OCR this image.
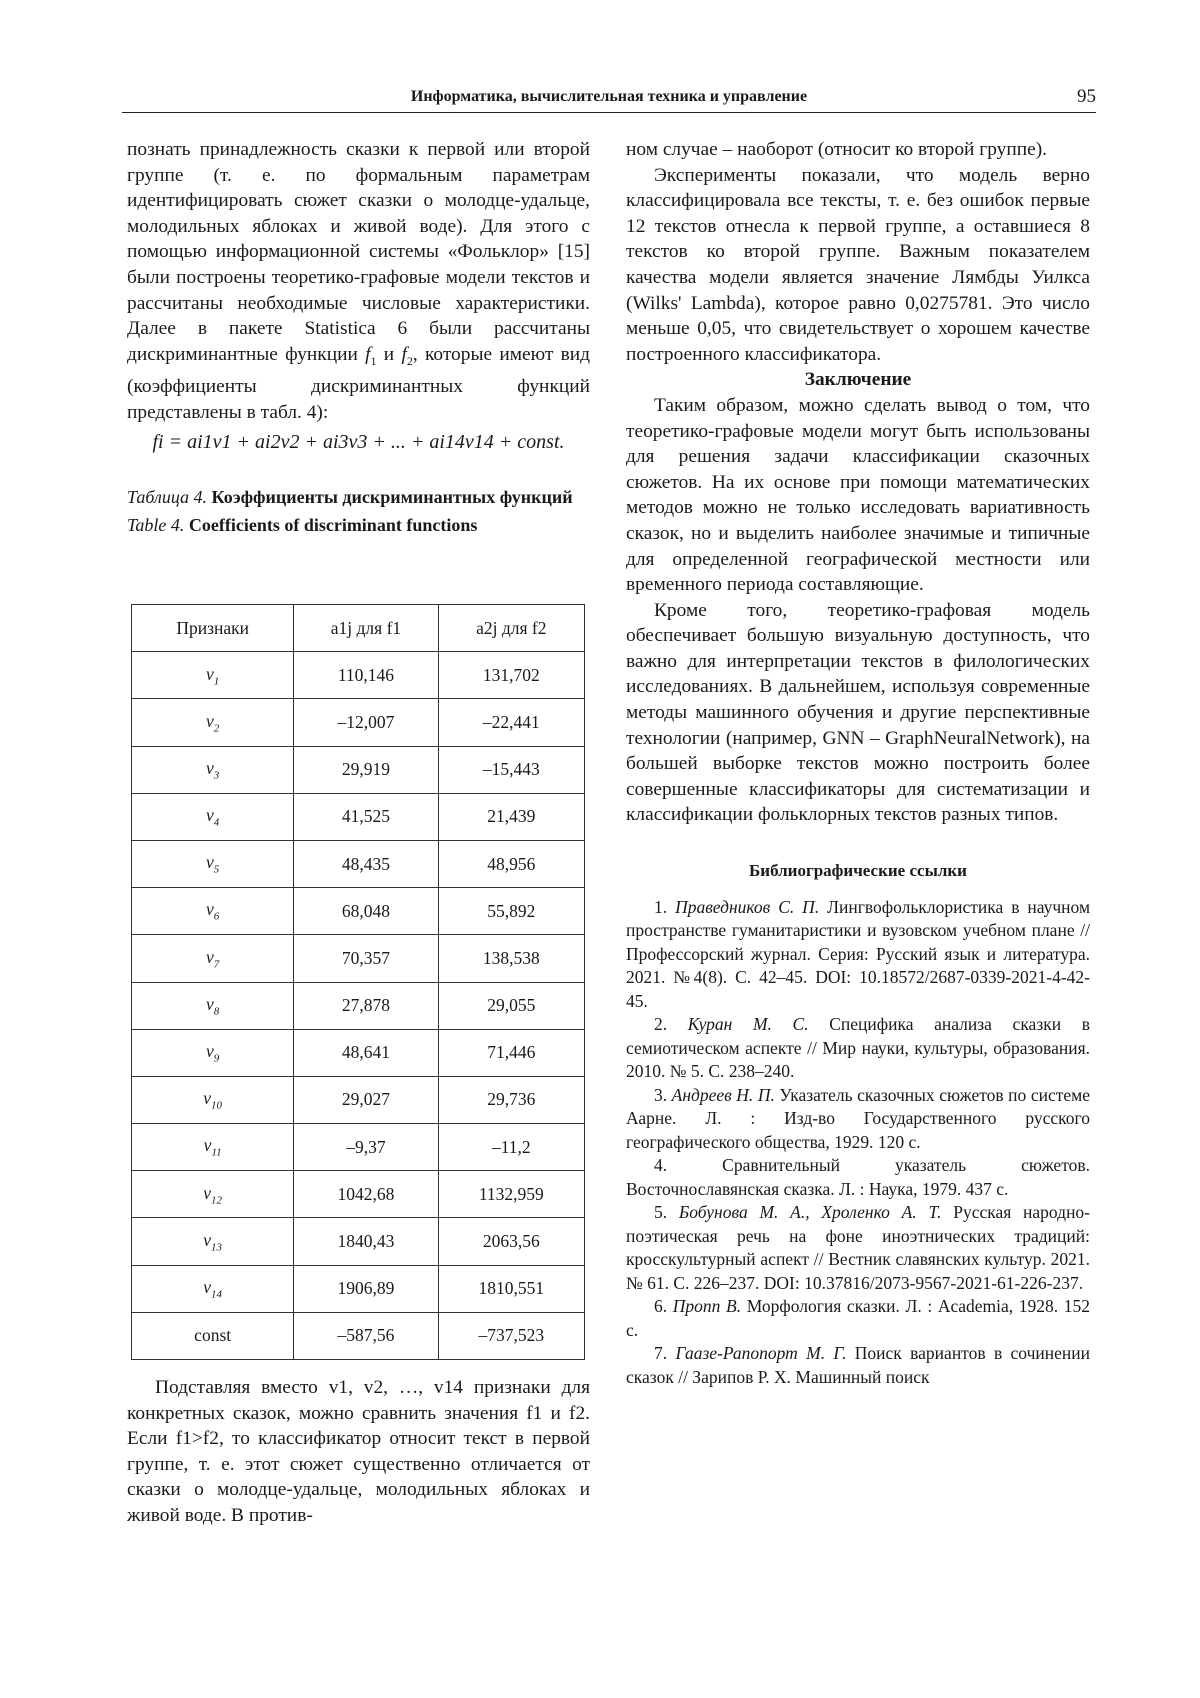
Информатика, вычислительная техника и управление	95

познать принадлежность сказки к первой или второй группе (т. е. по формальным параметрам идентифицировать сюжет сказки о молодце-удальце, молодильных яблоках и живой воде). Для этого с помощью информационной системы «Фольклор» [15] были построены теоретико-графовые модели текстов и рассчитаны необходимые числовые характеристики. Далее в пакете Statistica 6 были рассчитаны дискриминантные функции $f_1$ и $f_2$, которые имеют вид (коэффициенты дискриминантных функций представлены в табл. 4):

fi = ai1v1 + ai2v2 + ai3v3 + ... + ai14v14 + const.

Таблица 4. Коэффициенты дискриминантных функций

Table 4. Coefficients of discriminant functions

Признаки	a1j для f1	a2j для f2
$v_1$	110,146	131,702
$v_2$	–12,007	–22,441
$v_3$	29,919	–15,443
$v_4$	41,525	21,439
$v_5$	48,435	48,956
$v_6$	68,048	55,892
$v_7$	70,357	138,538
$v_8$	27,878	29,055
$v_9$	48,641	71,446
$v_{10}$	29,027	29,736
$v_{11}$	–9,37	–11,2
$v_{12}$	1042,68	1132,959
$v_{13}$	1840,43	2063,56
$v_{14}$	1906,89	1810,551
const	–587,56	–737,523

Подставляя вместо v1, v2, …, v14 признаки для конкретных сказок, можно сравнить значения f1 и f2. Если f1>f2, то классификатор относит текст в первой группе, т. е. этот сюжет существенно отличается от сказки о молодце-удальце, молодильных яблоках и живой воде. В против-

ном случае – наоборот (относит ко второй группе).

Эксперименты показали, что модель верно классифицировала все тексты, т. е. без ошибок первые 12 текстов отнесла к первой группе, а оставшиеся 8 текстов ко второй группе. Важным показателем качества модели является значение Лямбды Уилкса (Wilks' Lambda), которое равно 0,0275781. Это число меньше 0,05, что свидетельствует о хорошем качестве построенного классификатора.

Заключение

Таким образом, можно сделать вывод о том, что теоретико-графовые модели могут быть использованы для решения задачи классификации сказочных сюжетов. На их основе при помощи математических методов можно не только исследовать вариативность сказок, но и выделить наиболее значимые и типичные для определенной географической местности или временного периода составляющие.

Кроме того, теоретико-графовая модель обеспечивает большую визуальную доступность, что важно для интерпретации текстов в филологических исследованиях. В дальнейшем, используя современные методы машинного обучения и другие перспективные технологии (например, GNN – GraphNeuralNetwork), на большей выборке текстов можно построить более совершенные классификаторы для систематизации и классификации фольклорных текстов разных типов.

Библиографические ссылки

1. Праведников С. П. Лингвофольклористика в научном пространстве гуманитаристики и вузовском учебном плане // Профессорский журнал. Серия: Русский язык и литература. 2021. №4(8). С. 42–45. DOI: 10.18572/2687-0339-2021-4-42-45.

2. Куран М. С. Специфика анализа сказки в семиотическом аспекте // Мир науки, культуры, образования. 2010. № 5. С. 238–240.

3. Андреев Н. П. Указатель сказочных сюжетов по системе Аарне. Л. : Изд-во Государственного русского географического общества, 1929. 120 с.

4.	Сравнительный указатель сюжетов. Восточнославянская сказка. Л. : Наука, 1979. 437 с.

5. Бобунова М. А., Хроленко А. Т. Русская народно-поэтическая речь на фоне иноэтнических традиций: кросскультурный аспект // Вестник славянских культур. 2021. № 61. С. 226–237. DOI: 10.37816/2073-9567-2021-61-226-237.

6. Пропп В. Морфология сказки. Л. : Academia, 1928. 152 с.

7. Гаазе-Рапопорт М. Г. Поиск вариантов в сочинении сказок // Зарипов Р. Х. Машинный поиск
